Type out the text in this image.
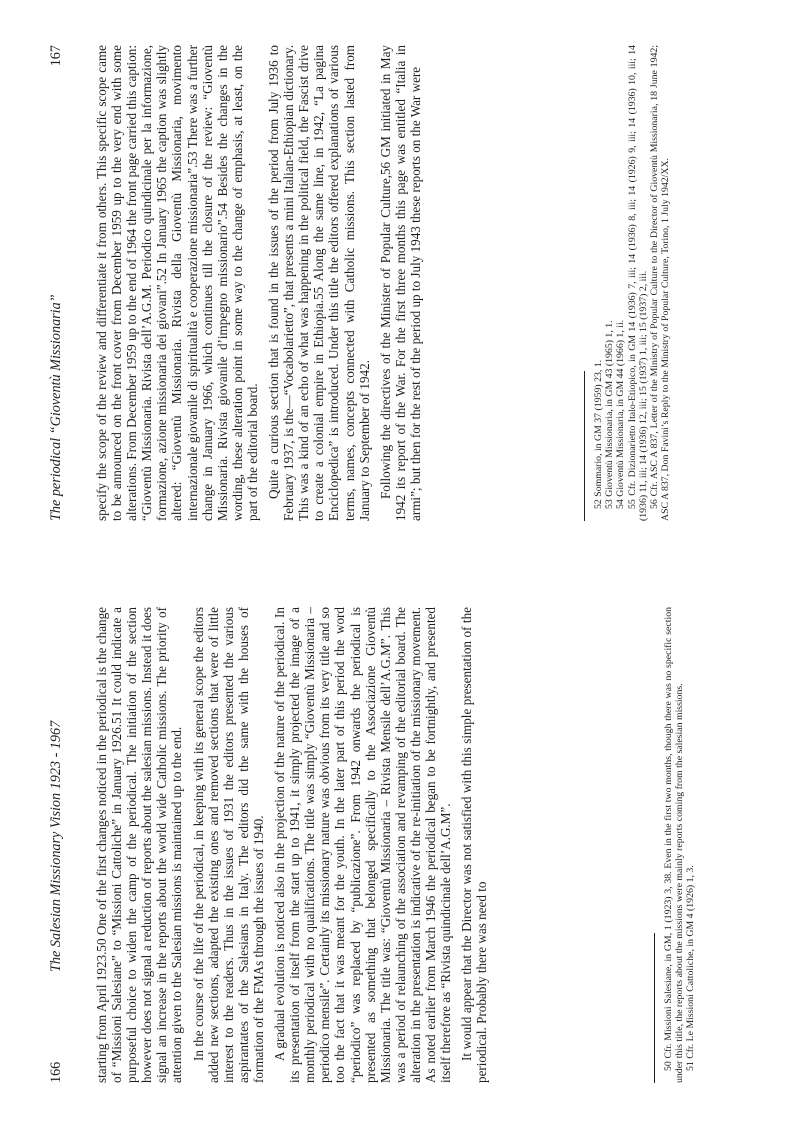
166
The Salesian Missionary Vision 1923 - 1967 starting from April 1923.50 One of the first changes noticed in the periodical is the change of “Missioni Salesiane” to “Missioni Cattoliche” in January 1926.51 It could indicate a purposeful choice to widen the camp of the periodical. The initiation of the section however does not signal a reduction of reports about the salesian missions. Instead it does signal an increase in the reports about the world wide Catholic missions. The priority of attention given to the Salesian missions is maintained up to the end. In the course of the life of the periodical, in keeping with its general scope the editors added new sections, adapted the existing ones and removed sections that were of little interest to the readers. Thus in the issues of 1931 the editors presented the various aspirantates of the Salesians in Italy. The editors did the same with the houses of formation of the FMAs through the issues of 1940. A gradual evolution is noticed also in the projection of the nature of the periodical. In its presentation of itself from the start up to 1941, it simply projected the image of a monthly periodical with no qualifications. The title was simply “Gioventù Missionaria – periodico mensile”. Certainly its missionary nature was obvious from its very title and so too the fact that it was meant for the youth. In the later part of this period the word “periodico” was replaced by “publicazione”. From 1942 onwards the periodical is presented as something that belonged specifically to the Associazione Gioventù Missionaria. The title was: “Gioventù Missionaria – Rivista Mensile dell’A.G.M”. This was a period of relaunching of the association and revamping of the editorial board. The alteration in the presentation is indicative of the re-initiation of the missionary movement. As noted earlier from March 1946 the periodical began to be fortnightly, and presented itself therefore as “Rivista quindicinale dell’A.G.M”. It would appear that the Director was not satisfied with this simple presentation of the periodical. Probably there was need to	50 Cfr. Missioni Salesiane, in GM, 1 (1923) 3, 38. Even in the first two months, though there was no specific section under this title, the reports about the missions were mainly reports coming from the salesian missions. 51 Cfr. Le Missioni Cattoliche, in GM 4 (1926) 1, 3.

The periodical “Gioventù Missionaria”
167 specify the scope of the review and differentiate it from others. This specific scope came to be announced on the front cover from December 1959 up to the very end with some alterations. From December 1959 up to the end of 1964 the front page carried this caption: “Gioventù Missionaria. Rivista dell’A.G.M. Periodico quindicinale per la informazione, formazione, azione missionaria dei giovani”.52 In January 1965 the caption was slightly altered: “Gioventù Missionaria. Rivista della Gioventù Missionaria, movimento internazionale giovanile di spiritualità e cooperazione missionaria”.53 There was a further change in January 1966, which continues till the closure of the review: “Gioventù Missionaria. Rivista giovanile d’impegno missionario”.54 Besides the changes in the wording, these alteration point in some way to the change of emphasis, at least, on the part of the editorial board. Quite a curious section that is found in the issues of the period from July 1936 to February 1937, is the—“Vocabolarietto”, that presents a mini Italian-Ethiopian dictionary. This was a kind of an echo of what was happening in the political field, the Fascist drive to create a colonial empire in Ethiopia.55 Along the same line, in 1942, “La pagina Enciclopedica” is introduced. Under this title the editors offered explanations of various terms, names, concepts connected with Catholic missions. This section lasted from January to September of 1942. Following the directives of the Minister of Popular Culture,56 GM initiated in May 1942 its report of the War. For the first three months this page was entitled “Italia in armi”; but then for the rest of the period up to July 1943 these reports on the War were	52 Sommario, in GM 37 (1959) 23, 1. 53 Gioventù Missionaria, in GM 43 (1965) 1, 1. 54 Gioventù Missionaria, in GM 44 (1966) 1, ii. 55 Cfr. Dizionarietto Italo-Etiopico, in GM 14 (1936) 7, iii; 14 (1936) 8, iii; 14 (1926) 9, iii; 14 (1936) 10, iii; 14 (1936) 11, iii; 14 (1936) 12, iii; 15 (1937) 1, iii; 15 (1937) 2, iii. 56 Cfr. ASC A 837, Letter of the Ministry of Popular Culture to the Director of Gioventù Missionaria, 18 June 1942; ASC A 837, Don Favini’s Reply to the Ministry of Popular Culture, Torino, 1 July 1942/XX.
